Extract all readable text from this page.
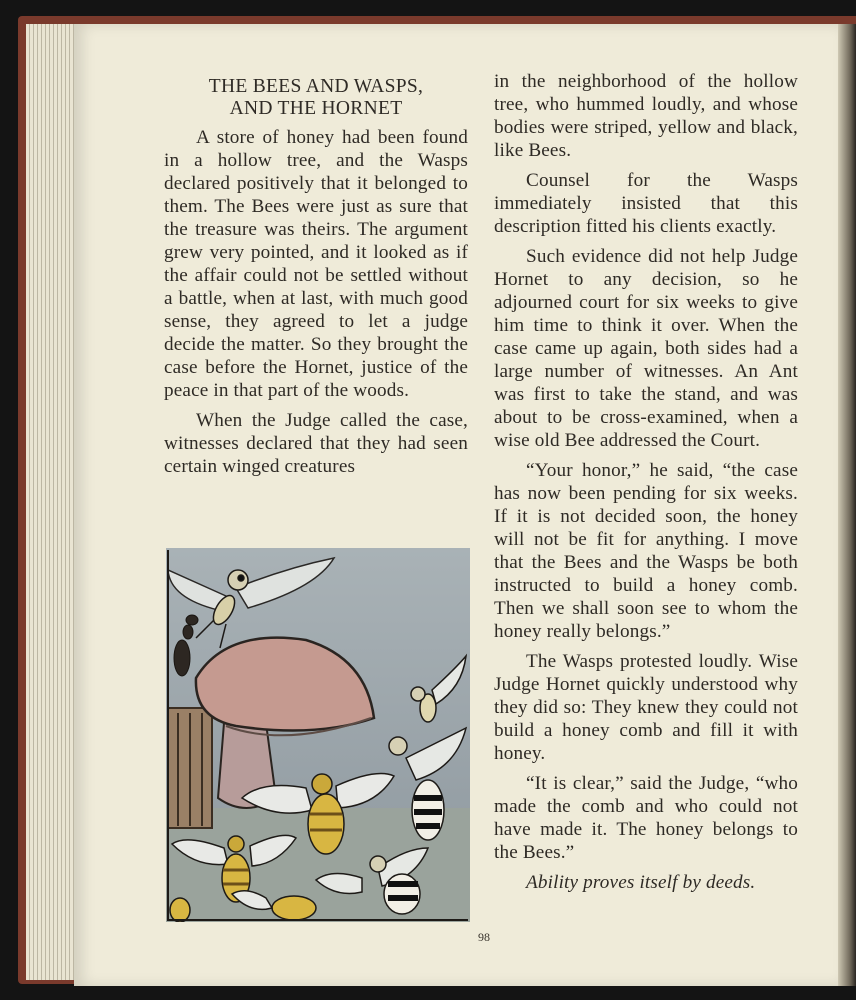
THE BEES AND WASPS,
AND THE HORNET

A store of honey had been found in a hollow tree, and the Wasps declared positively that it belonged to them. The Bees were just as sure that the treasure was theirs. The argument grew very pointed, and it looked as if the affair could not be settled without a battle, when at last, with much good sense, they agreed to let a judge decide the matter. So they brought the case before the Hornet, justice of the peace in that part of the woods.

When the Judge called the case, witnesses declared that they had seen certain winged creatures

in the neighborhood of the hollow tree, who hummed loudly, and whose bodies were striped, yellow and black, like Bees.

Counsel for the Wasps immediately insisted that this description fitted his clients exactly.

Such evidence did not help Judge Hornet to any decision, so he adjourned court for six weeks to give him time to think it over. When the case came up again, both sides had a large number of witnesses. An Ant was first to take the stand, and was about to be cross-examined, when a wise old Bee addressed the Court.

“Your honor,” he said, “the case has now been pending for six weeks. If it is not decided soon, the honey will not be fit for anything. I move that the Bees and the Wasps be both instructed to build a honey comb. Then we shall soon see to whom the honey really belongs.”

The Wasps protested loudly. Wise Judge Hornet quickly understood why they did so: They knew they could not build a honey comb and fill it with honey.

“It is clear,” said the Judge, “who made the comb and who could not have made it. The honey belongs to the Bees.”

Ability proves itself by deeds.

98
